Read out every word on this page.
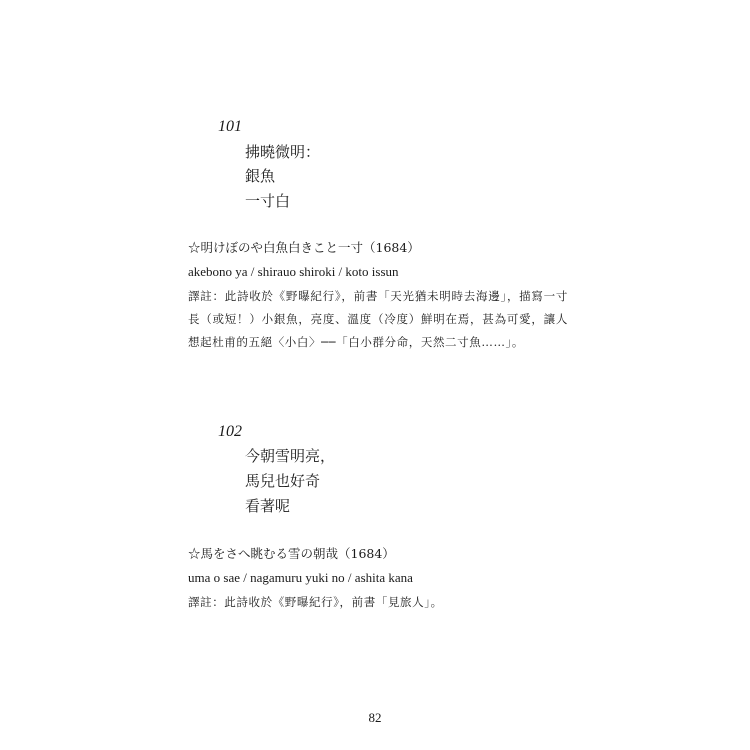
101
拂曉微明：
銀魚
一寸白
☆明けぼのや白魚白きこと一寸（1684）
akebono ya / shirauo shiroki / koto issun
譯註：此詩收於《野曝紀行》，前書「天光猶未明時去海邊」，描寫一寸長（或短！）小銀魚，亮度、溫度（冷度）鮮明在焉，甚為可愛，讓人想起杜甫的五絕〈小白〉──「白小群分命，天然二寸魚……」。
102
今朝雪明亮，
馬兒也好奇
看著呢
☆馬をさへ眺むる雪の朝哉（1684）
uma o sae / nagamuru yuki no / ashita kana
譯註：此詩收於《野曝紀行》，前書「見旅人」。
82
